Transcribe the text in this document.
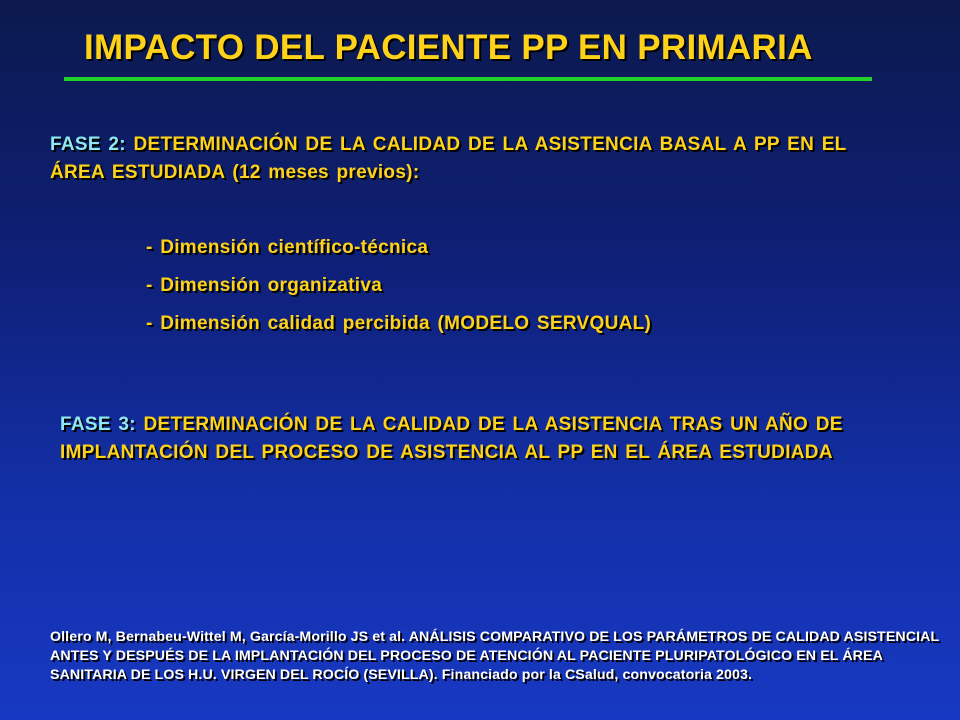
IMPACTO DEL PACIENTE PP EN PRIMARIA
FASE 2: DETERMINACIÓN DE LA CALIDAD DE LA ASISTENCIA BASAL A PP EN EL ÁREA ESTUDIADA (12 meses previos):
- Dimensión científico-técnica
- Dimensión organizativa
- Dimensión calidad percibida (MODELO SERVQUAL)
FASE 3: DETERMINACIÓN DE LA CALIDAD DE LA ASISTENCIA TRAS UN AÑO DE IMPLANTACIÓN DEL PROCESO DE ASISTENCIA AL PP EN EL ÁREA ESTUDIADA
Ollero M, Bernabeu-Wittel M, García-Morillo JS et al. ANÁLISIS COMPARATIVO DE LOS PARÁMETROS DE CALIDAD ASISTENCIAL ANTES Y DESPUÉS DE LA IMPLANTACIÓN DEL PROCESO DE ATENCIÓN AL PACIENTE PLURIPATOLÓGICO EN EL ÁREA SANITARIA DE LOS H.U. VIRGEN DEL ROCÍO (SEVILLA). Financiado por la CSalud, convocatoria 2003.
